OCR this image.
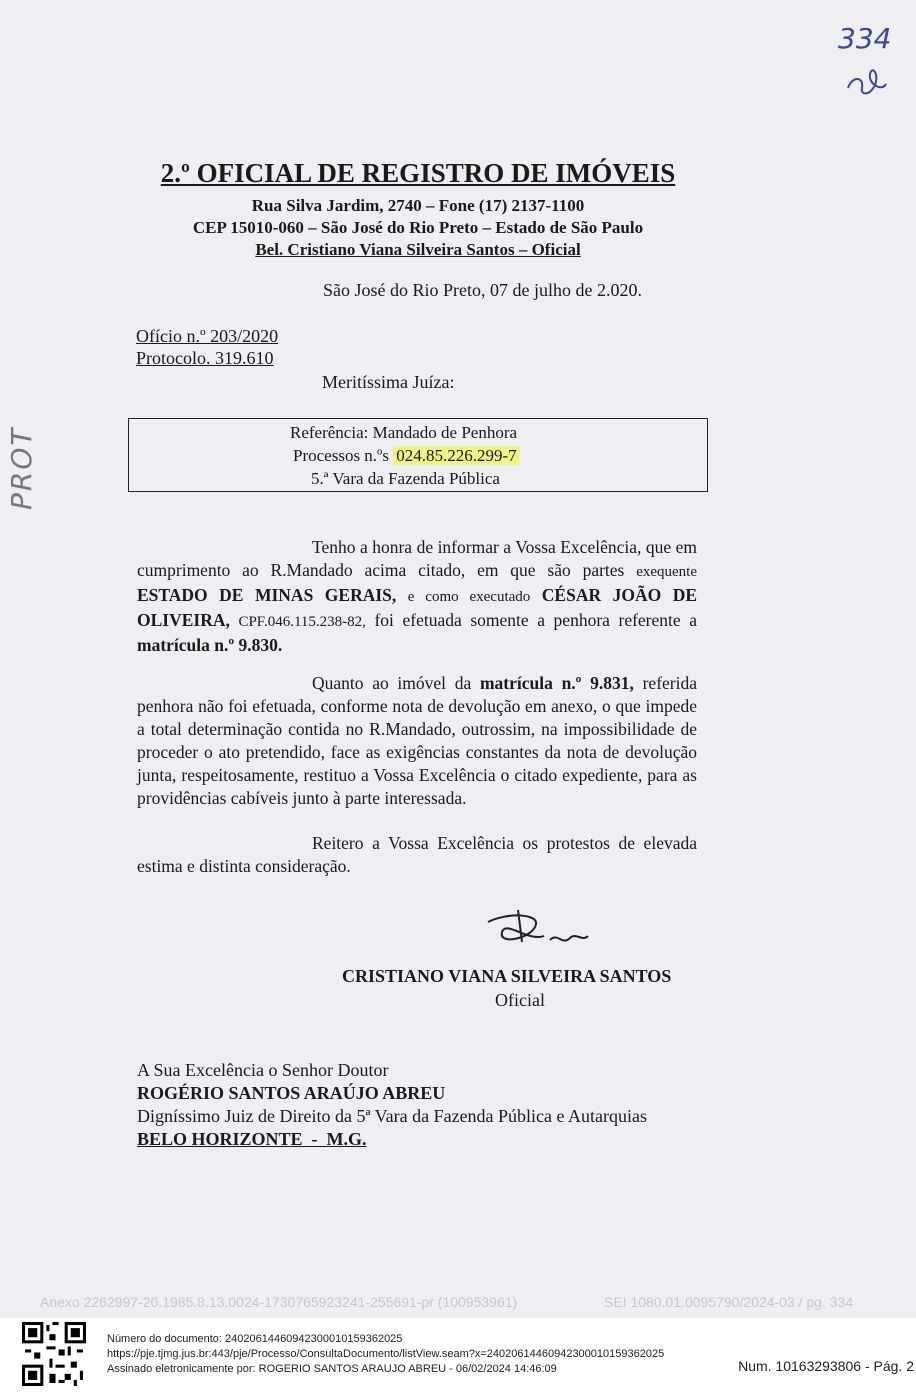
334
PROT
2.º OFICIAL DE REGISTRO DE IMÓVEIS
Rua Silva Jardim, 2740 – Fone (17) 2137-1100
CEP 15010-060 – São José do Rio Preto – Estado de São Paulo
Bel. Cristiano Viana Silveira Santos – Oficial
São José do Rio Preto, 07 de julho de 2.020.
Ofício n.º 203/2020
Protocolo. 319.610
Meritíssima Juíza:
Referência: Mandado de Penhora
Processos n.ºs 024.85.226.299-7
5.ª Vara da Fazenda Pública

Tenho a honra de informar a Vossa Excelência, que em cumprimento ao R.Mandado acima citado, em que são partes exequente ESTADO DE MINAS GERAIS, e como executado CÉSAR JOÃO DE OLIVEIRA, CPF.046.115.238-82, foi efetuada somente a penhora referente a matrícula n.º 9.830.

Quanto ao imóvel da matrícula n.º 9.831, referida penhora não foi efetuada, conforme nota de devolução em anexo, o que impede a total determinação contida no R.Mandado, outrossim, na impossibilidade de proceder o ato pretendido, face as exigências constantes da nota de devolução junta, respeitosamente, restituo a Vossa Excelência o citado expediente, para as providências cabíveis junto à parte interessada.

Reitero a Vossa Excelência os protestos de elevada estima e distinta consideração.

CRISTIANO VIANA SILVEIRA SANTOS
Oficial
A Sua Excelência o Senhor Doutor
ROGÉRIO SANTOS ARAÚJO ABREU
Digníssimo Juiz de Direito da 5ª Vara da Fazenda Pública e Autarquias
BELO HORIZONTE  -  M.G.
Anexo 2262997-20.1985.8.13.0024-1730765923241-255691-pr (100953961)	SEI 1080.01.0095790/2024-03 / pg. 334
Número do documento: 24020614460942300010159362025
https://pje.tjmg.jus.br:443/pje/Processo/ConsultaDocumento/listView.seam?x=24020614460942300010159362025
Assinado eletronicamente por: ROGERIO SANTOS ARAUJO ABREU - 06/02/2024 14:46:09	Num. 10163293806 - Pág. 2
